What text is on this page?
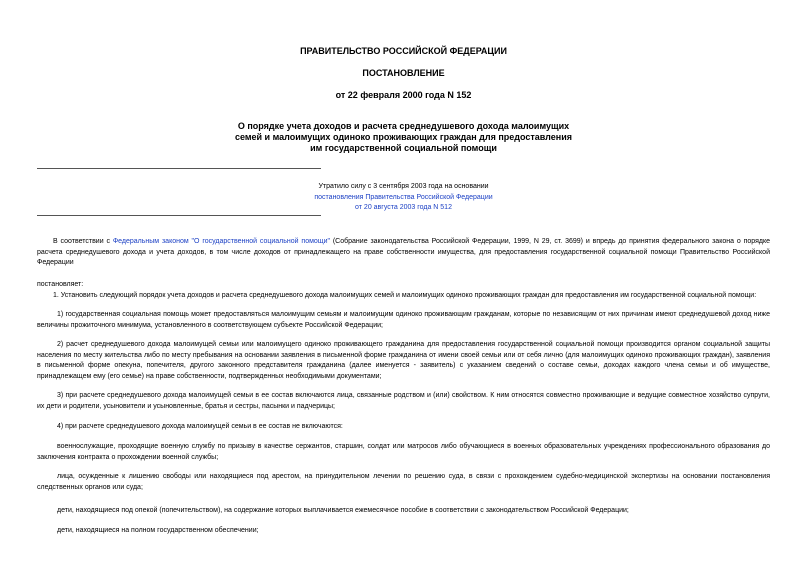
ПРАВИТЕЛЬСТВО РОССИЙСКОЙ ФЕДЕРАЦИИ
ПОСТАНОВЛЕНИЕ
от 22 февраля 2000 года N 152
О порядке учета доходов и расчета среднедушевого дохода малоимущих
семей и малоимущих одиноко проживающих граждан для предоставления
им государственной социальной помощи
Утратило силу с 3 сентября 2003 года на основании
постановления Правительства Российской Федерации
от 20 августа 2003 года N 512

В соответствии с Федеральным законом "О государственной социальной помощи" (Собрание законодательства Российской Федерации, 1999, N 29, ст. 3699) и впредь до принятия федерального закона о порядке расчета среднедушевого дохода и учета доходов, в том числе доходов от принадлежащего на праве собственности имущества, для предоставления государственной социальной помощи Правительство Российской Федерации

постановляет:
1. Установить следующий порядок учета доходов и расчета среднедушевого дохода малоимущих семей и малоимущих одиноко проживающих граждан для предоставления им государственной социальной помощи:
1) государственная социальная помощь может предоставляться малоимущим семьям и малоимущим одиноко проживающим гражданам, которые по независящим от них причинам имеют среднедушевой доход ниже величины прожиточного минимума, установленного в соответствующем субъекте Российской Федерации;
2) расчет среднедушевого дохода малоимущей семьи или малоимущего одиноко проживающего гражданина для предоставления государственной социальной помощи производится органом социальной защиты населения по месту жительства либо по месту пребывания на основании заявления в письменной форме гражданина от имени своей семьи или от себя лично (для малоимущих одиноко проживающих граждан), заявления в письменной форме опекуна, попечителя, другого законного представителя гражданина (далее именуется - заявитель) с указанием сведений о составе семьи, доходах каждого члена семьи и об имуществе, принадлежащем ему (его семье) на праве собственности, подтвержденных необходимыми документами;
3) при расчете среднедушевого дохода малоимущей семьи в ее состав включаются лица, связанные родством и (или) свойством. К ним относятся совместно проживающие и ведущие совместное хозяйство супруги, их дети и родители, усыновители и усыновленные, братья и сестры, пасынки и падчерицы;
4) при расчете среднедушевого дохода малоимущей семьи в ее состав не включаются:
военнослужащие, проходящие военную службу по призыву в качестве сержантов, старшин, солдат или матросов либо обучающиеся в военных образовательных учреждениях профессионального образования до заключения контракта о прохождении военной службы;
лица, осужденные к лишению свободы или находящиеся под арестом, на принудительном лечении по решению суда, в связи с прохождением судебно-медицинской экспертизы на основании постановления следственных органов или суда;
дети, находящиеся под опекой (попечительством), на содержание которых выплачивается ежемесячное пособие в соответствии с законодательством Российской Федерации;
дети, находящиеся на полном государственном обеспечении;
